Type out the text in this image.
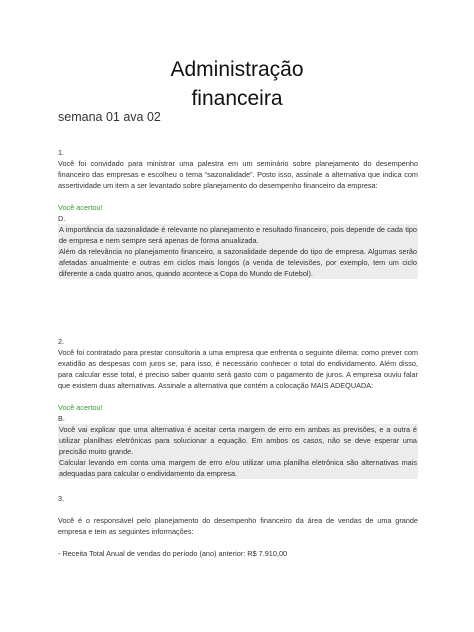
Administração
financeira
semana 01 ava 02

1.

Você foi convidado para ministrar uma palestra em um seminário sobre planejamento do desempenho financeiro das empresas e escolheu o tema “sazonalidade”. Posto isso, assinale a alternativa que indica com assertividade um item a ser levantado sobre planejamento do desempenho financeiro da empresa:

Você acertou!

D.

A importância da sazonalidade é relevante no planejamento e resultado financeiro, pois depende de cada tipo de empresa e nem sempre será apenas de forma anualizada.

Além da relevância no planejamento financeiro, a sazonalidade depende do tipo de empresa. Algumas serão afetadas anualmente e outras em ciclos mais longos (a venda de televisões, por exemplo, tem um ciclo diferente a cada quatro anos, quando acontece a Copa do Mundo de Futebol).

2.

Você foi contratado para prestar consultoria a uma empresa que enfrenta o seguinte dilema: como prever com exatidão as despesas com juros se, para isso, é necessário conhecer o total do endividamento. Além disso, para calcular esse total, é preciso saber quanto será gasto com o pagamento de juros. A empresa ouviu falar que existem duas alternativas. Assinale a alternativa que contém a colocação MAIS ADEQUADA:

Você acertou!

B.

Você vai explicar que uma alternativa é aceitar certa margem de erro em ambas as previsões, e a outra é utilizar planilhas eletrônicas para solucionar a equação. Em ambos os casos, não se deve esperar uma precisão muito grande.

Calcular levando em conta uma margem de erro e/ou utilizar uma planilha eletrônica são alternativas mais adequadas para calcular o endividamento da empresa.

3.

Você é o responsável pelo planejamento do desempenho financeiro da área de vendas de uma grande empresa e tem as seguintes informações:

- Receita Total Anual de vendas do período (ano) anterior: R$ 7.910,00
